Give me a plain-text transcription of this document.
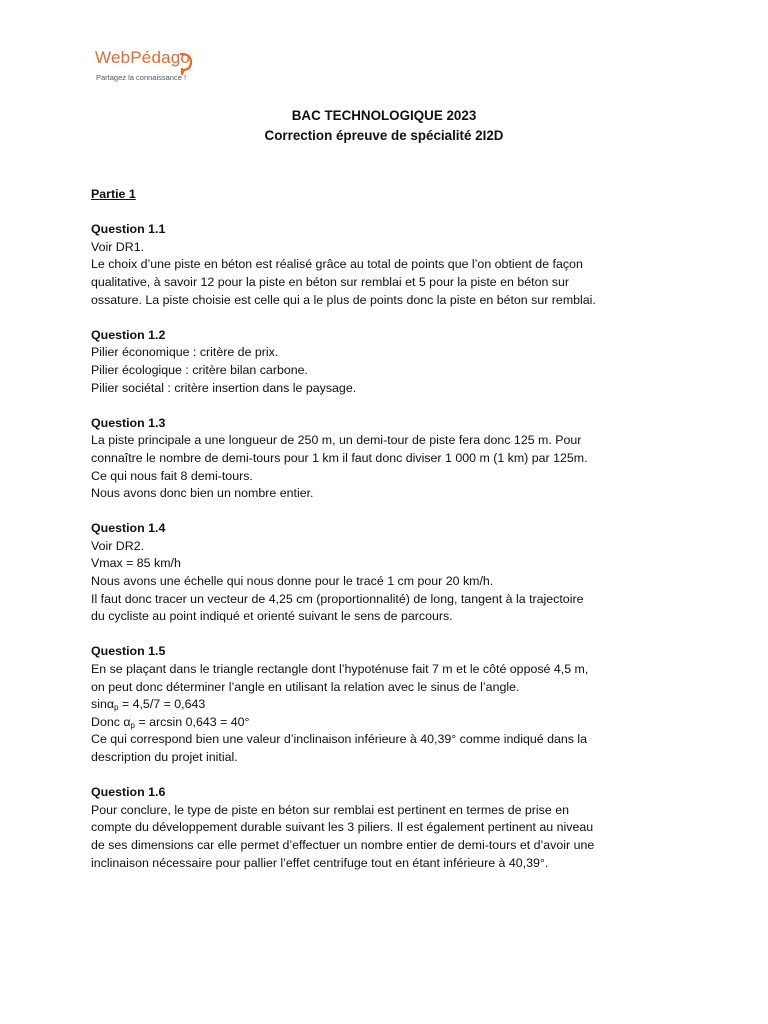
WebPédago
Partagez la connaissance !
BAC TECHNOLOGIQUE 2023
Correction épreuve de spécialité 2I2D
Partie 1
Question 1.1
Voir DR1.
Le choix d’une piste en béton est réalisé grâce au total de points que l’on obtient de façon
qualitative, à savoir 12 pour la piste en béton sur remblai et 5 pour la piste en béton sur
ossature. La piste choisie est celle qui a le plus de points donc la piste en béton sur remblai.
Question 1.2
Pilier économique : critère de prix.
Pilier écologique : critère bilan carbone.
Pilier sociétal : critère insertion dans le paysage.
Question 1.3
La piste principale a une longueur de 250 m, un demi-tour de piste fera donc 125 m. Pour
connaître le nombre de demi-tours pour 1 km il faut donc diviser 1 000 m (1 km) par 125m.
Ce qui nous fait 8 demi-tours.
Nous avons donc bien un nombre entier.
Question 1.4
Voir DR2.
Vmax = 85 km/h
Nous avons une échelle qui nous donne pour le tracé 1 cm pour 20 km/h.
Il faut donc tracer un vecteur de 4,25 cm (proportionnalité) de long, tangent à la trajectoire
du cycliste au point indiqué et orienté suivant le sens de parcours.
Question 1.5
En se plaçant dans le triangle rectangle dont l’hypoténuse fait 7 m et le côté opposé 4,5 m,
on peut donc déterminer l’angle en utilisant la relation avec le sinus de l’angle.
sinα$_p$ = 4,5/7 = 0,643
Donc $\alpha_p = \arcsin 0,643 = 40^\circ$
Ce qui correspond bien une valeur d’inclinaison inférieure à 40,39° comme indiqué dans la
description du projet initial.
Question 1.6
Pour conclure, le type de piste en béton sur remblai est pertinent en termes de prise en
compte du développement durable suivant les 3 piliers. Il est également pertinent au niveau
de ses dimensions car elle permet d’effectuer un nombre entier de demi-tours et d’avoir une
inclinaison nécessaire pour pallier l’effet centrifuge tout en étant inférieure à 40,39°.
